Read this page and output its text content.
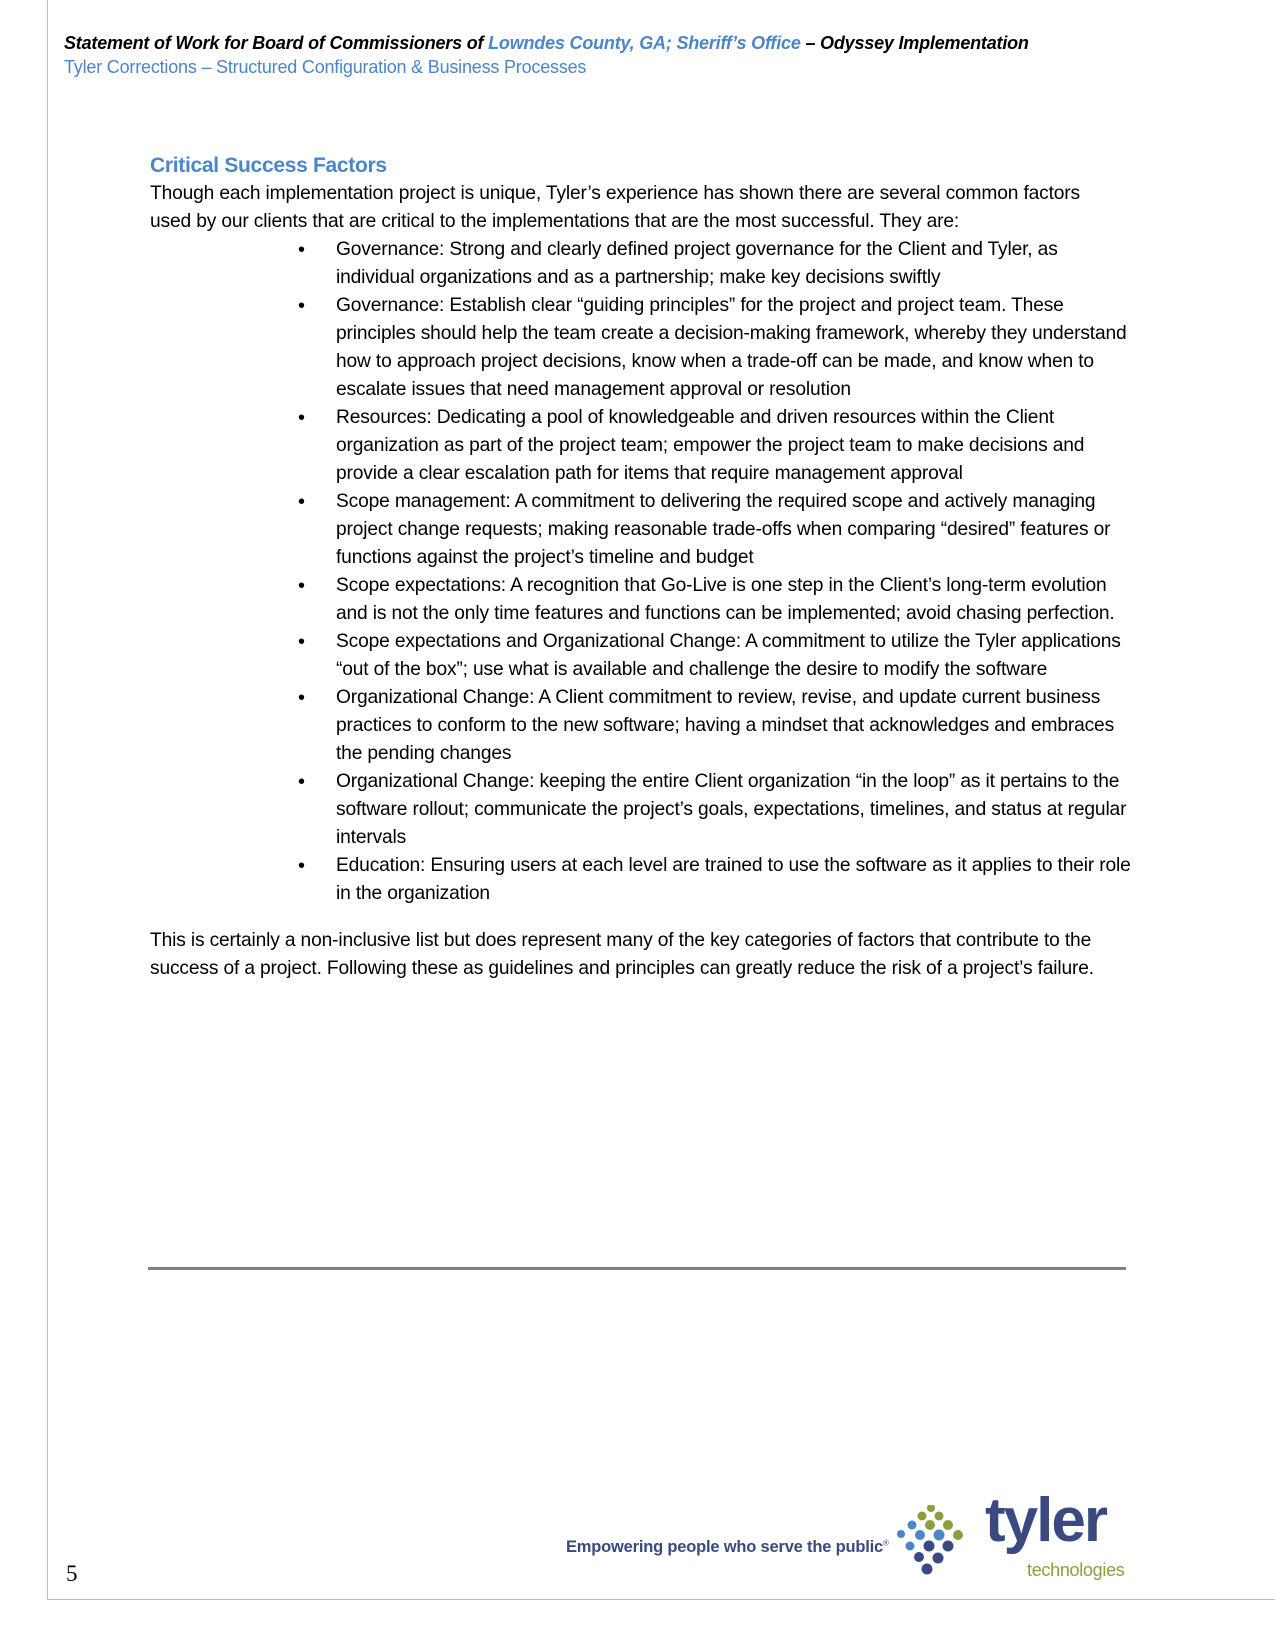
Statement of Work for Board of Commissioners of Lowndes County, GA; Sheriff’s Office – Odyssey Implementation
Tyler Corrections – Structured Configuration & Business Processes
Critical Success Factors

Though each implementation project is unique, Tyler’s experience has shown there are several common factors used by our clients that are critical to the implementations that are the most successful. They are:

• Governance: Strong and clearly defined project governance for the Client and Tyler, as individual organizations and as a partnership; make key decisions swiftly
• Governance: Establish clear “guiding principles” for the project and project team. These principles should help the team create a decision-making framework, whereby they understand how to approach project decisions, know when a trade-off can be made, and know when to escalate issues that need management approval or resolution
• Resources: Dedicating a pool of knowledgeable and driven resources within the Client organization as part of the project team; empower the project team to make decisions and provide a clear escalation path for items that require management approval
• Scope management: A commitment to delivering the required scope and actively managing project change requests; making reasonable trade-offs when comparing “desired” features or functions against the project’s timeline and budget
• Scope expectations: A recognition that Go-Live is one step in the Client’s long-term evolution and is not the only time features and functions can be implemented; avoid chasing perfection.
• Scope expectations and Organizational Change: A commitment to utilize the Tyler applications “out of the box”; use what is available and challenge the desire to modify the software
• Organizational Change: A Client commitment to review, revise, and update current business practices to conform to the new software; having a mindset that acknowledges and embraces the pending changes
• Organizational Change: keeping the entire Client organization “in the loop” as it pertains to the software rollout; communicate the project’s goals, expectations, timelines, and status at regular intervals
• Education: Ensuring users at each level are trained to use the software as it applies to their role in the organization

This is certainly a non-inclusive list but does represent many of the key categories of factors that contribute to the success of a project. Following these as guidelines and principles can greatly reduce the risk of a project’s failure.

5
Empowering people who serve the public® tyler
technologies
